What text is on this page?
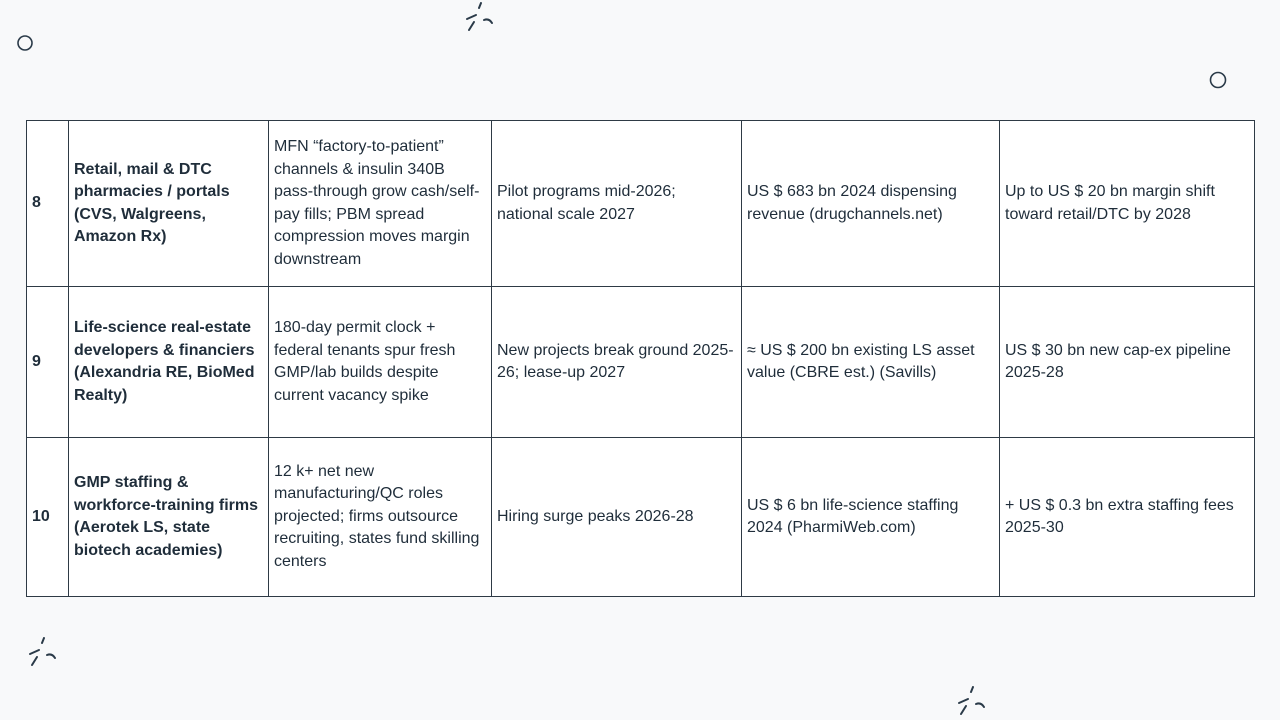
8	Retail, mail & DTC pharmacies / portals (CVS, Walgreens, Amazon Rx)	MFN “factory-to-patient” channels & insulin 340B pass-through grow cash/self-pay fills; PBM spread compression moves margin downstream	Pilot programs mid-2026; national scale 2027	US $ 683 bn 2024 dispensing revenue (drugchannels.net)	Up to US $ 20 bn margin shift toward retail/DTC by 2028
9	Life-science real-estate developers & financiers (Alexandria RE, BioMed Realty)	180-day permit clock + federal tenants spur fresh GMP/lab builds despite current vacancy spike	New projects break ground 2025-26; lease-up 2027	≈ US $ 200 bn existing LS asset value (CBRE est.) (Savills)	US $ 30 bn new cap-ex pipeline 2025-28
10	GMP staffing & workforce-training firms (Aerotek LS, state biotech academies)	12 k+ net new manufacturing/QC roles projected; firms outsource recruiting, states fund skilling centers	Hiring surge peaks 2026-28	US $ 6 bn life-science staffing 2024 (PharmiWeb.com)	+ US $ 0.3 bn extra staffing fees 2025-30
